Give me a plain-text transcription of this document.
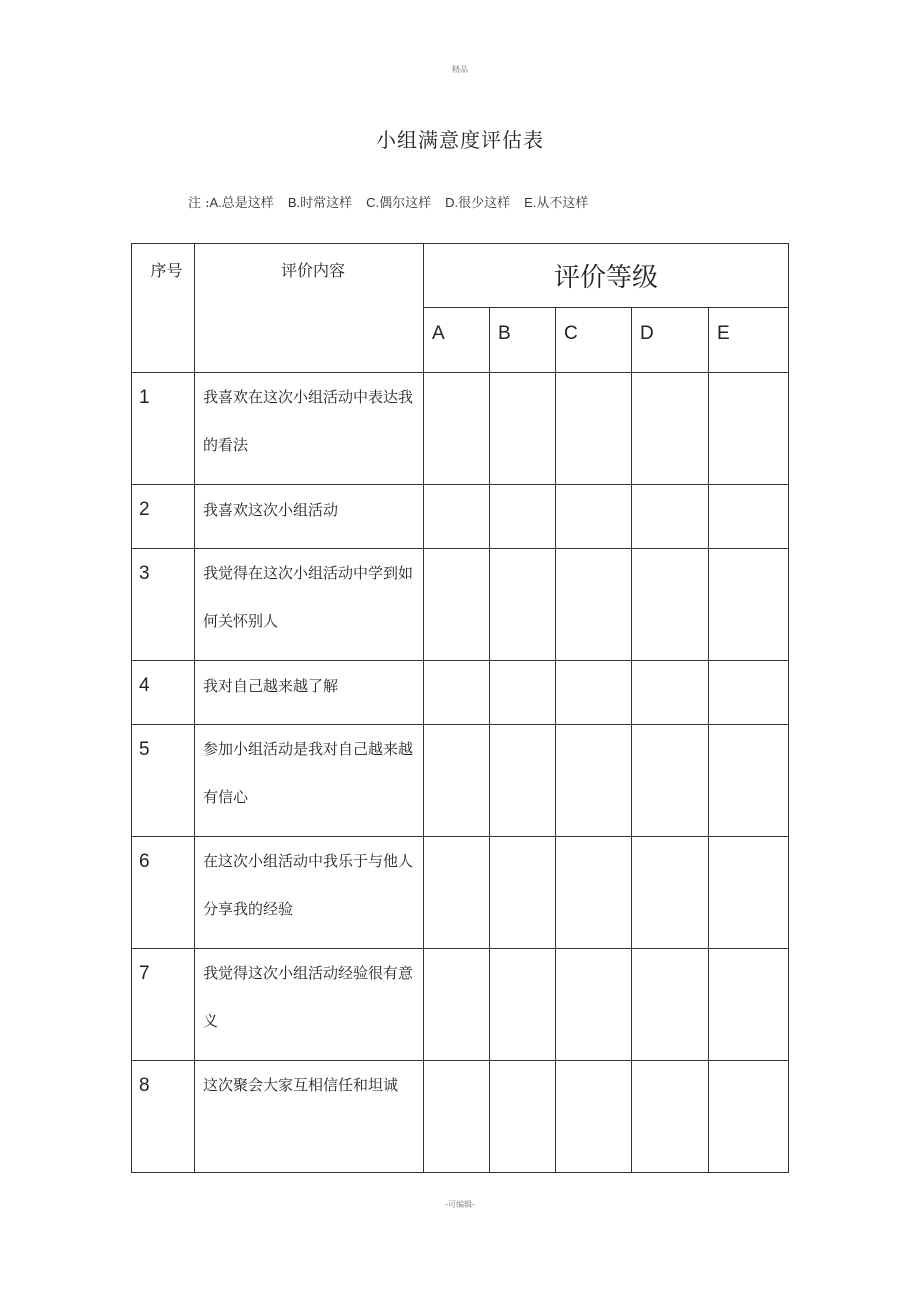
精品
小组满意度评估表
注 :A.总是这样 B.时常这样 C.偶尔这样 D.很少这样 E.从不这样
序号	评价内容	评价等级				
		A	B	C	D	E
1	我喜欢在这次小组活动中表达我的看法					
2	我喜欢这次小组活动					
3	我觉得在这次小组活动中学到如何关怀别人					
4	我对自己越来越了解					
5	参加小组活动是我对自己越来越有信心					
6	在这次小组活动中我乐于与他人分享我的经验					
7	我觉得这次小组活动经验很有意义					
8	这次聚会大家互相信任和坦诚					
-可编辑-
